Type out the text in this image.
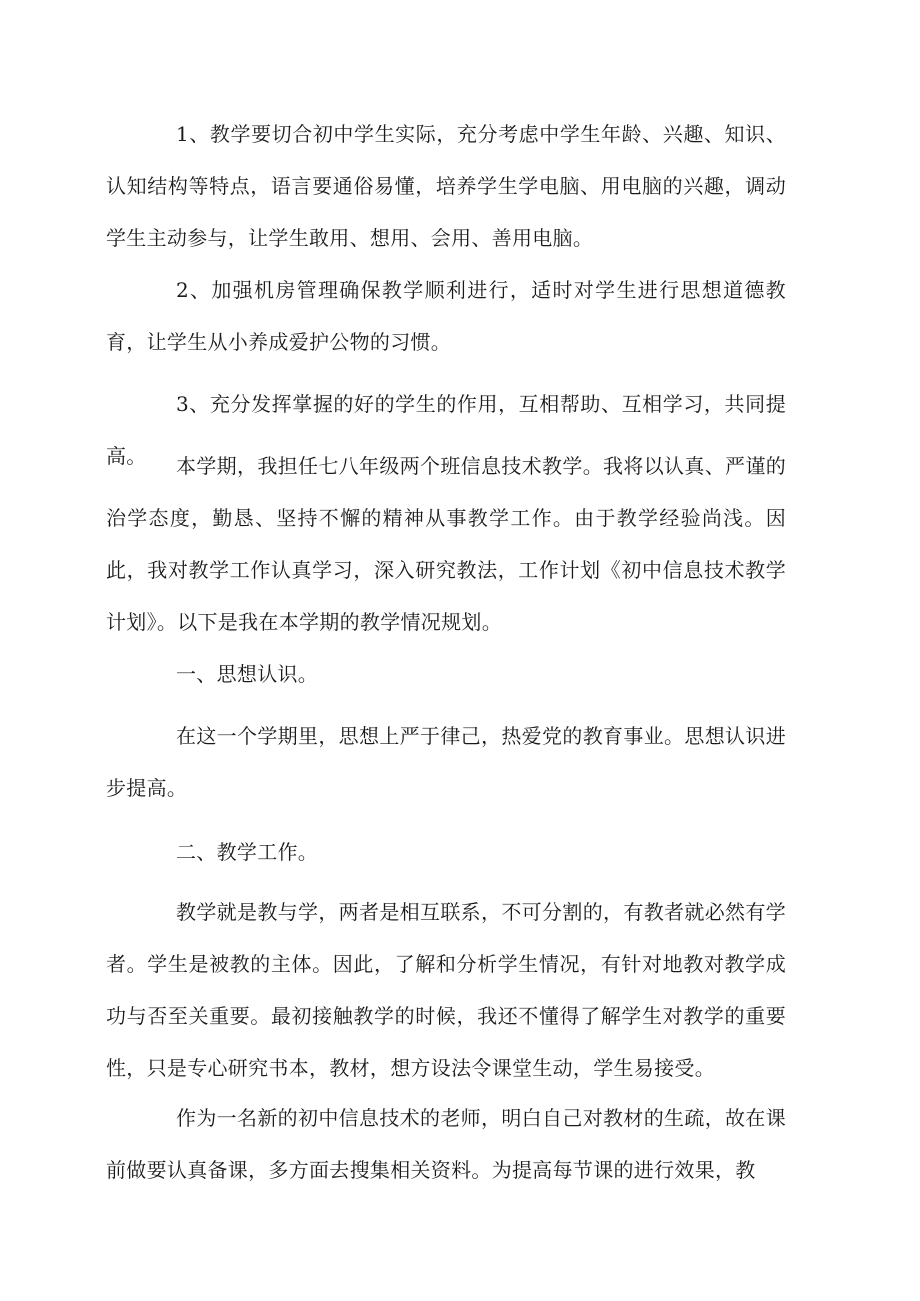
1、教学要切合初中学生实际，充分考虑中学生年龄、兴趣、知识、认知结构等特点，语言要通俗易懂，培养学生学电脑、用电脑的兴趣，调动学生主动参与，让学生敢用、想用、会用、善用电脑。

2、加强机房管理确保教学顺利进行，适时对学生进行思想道德教育，让学生从小养成爱护公物的习惯。

3、充分发挥掌握的好的学生的作用，互相帮助、互相学习，共同提高。	本学期，我担任七八年级两个班信息技术教学。我将以认真、严谨的治学态度，勤恳、坚持不懈的精神从事教学工作。由于教学经验尚浅。因此，我对教学工作认真学习，深入研究教法，工作计划《初中信息技术教学计划》。以下是我在本学期的教学情况规划。

一、思想认识。

在这一个学期里，思想上严于律己，热爱党的教育事业。思想认识进步提高。

二、教学工作。

教学就是教与学，两者是相互联系，不可分割的，有教者就必然有学者。学生是被教的主体。因此，了解和分析学生情况，有针对地教对教学成功与否至关重要。最初接触教学的时候，我还不懂得了解学生对教学的重要性，只是专心研究书本，教材，想方设法令课堂生动，学生易接受。

作为一名新的初中信息技术的老师，明白自己对教材的生疏，故在课前做要认真备课，多方面去搜集相关资料。为提高每节课的进行效果，教
